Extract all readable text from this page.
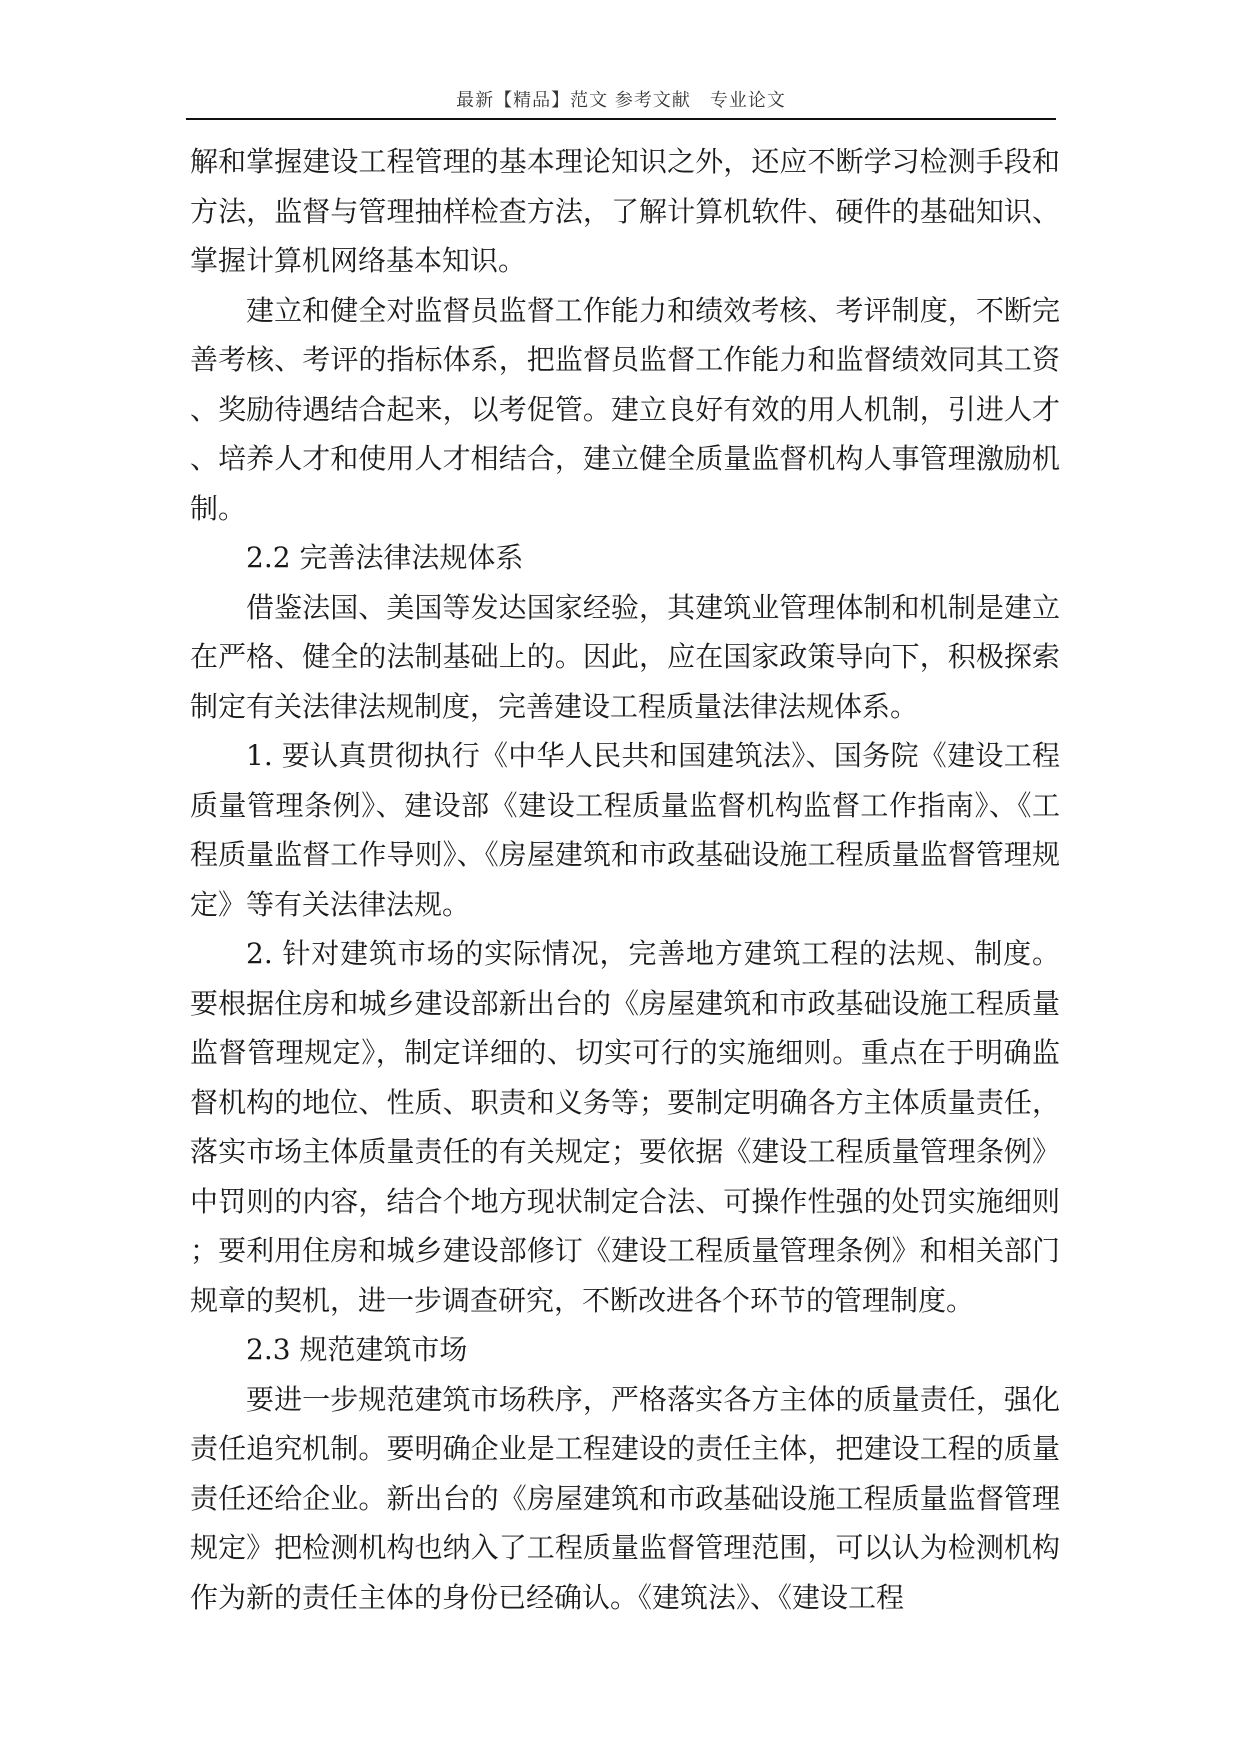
最新【精品】范文 参考文献　专业论文

解和掌握建设工程管理的基本理论知识之外，还应不断学习检测手段和方法，监督与管理抽样检查方法，了解计算机软件、硬件的基础知识、掌握计算机网络基本知识。

建立和健全对监督员监督工作能力和绩效考核、考评制度，不断完善考核、考评的指标体系，把监督员监督工作能力和监督绩效同其工资、奖励待遇结合起来，以考促管。建立良好有效的用人机制，引进人才、培养人才和使用人才相结合，建立健全质量监督机构人事管理激励机制。

2.2 完善法律法规体系

借鉴法国、美国等发达国家经验，其建筑业管理体制和机制是建立在严格、健全的法制基础上的。因此，应在国家政策导向下，积极探索制定有关法律法规制度，完善建设工程质量法律法规体系。

1. 要认真贯彻执行《中华人民共和国建筑法》、国务院《建设工程质量管理条例》、建设部《建设工程质量监督机构监督工作指南》、《工程质量监督工作导则》、《房屋建筑和市政基础设施工程质量监督管理规定》等有关法律法规。

2. 针对建筑市场的实际情况，完善地方建筑工程的法规、制度。要根据住房和城乡建设部新出台的《房屋建筑和市政基础设施工程质量监督管理规定》，制定详细的、切实可行的实施细则。重点在于明确监督机构的地位、性质、职责和义务等；要制定明确各方主体质量责任，落实市场主体质量责任的有关规定；要依据《建设工程质量管理条例》中罚则的内容，结合个地方现状制定合法、可操作性强的处罚实施细则；要利用住房和城乡建设部修订《建设工程质量管理条例》和相关部门规章的契机，进一步调查研究，不断改进各个环节的管理制度。

2.3 规范建筑市场

要进一步规范建筑市场秩序，严格落实各方主体的质量责任，强化责任追究机制。要明确企业是工程建设的责任主体，把建设工程的质量责任还给企业。新出台的《房屋建筑和市政基础设施工程质量监督管理规定》把检测机构也纳入了工程质量监督管理范围，可以认为检测机构作为新的责任主体的身份已经确认。《建筑法》、《建设工程
